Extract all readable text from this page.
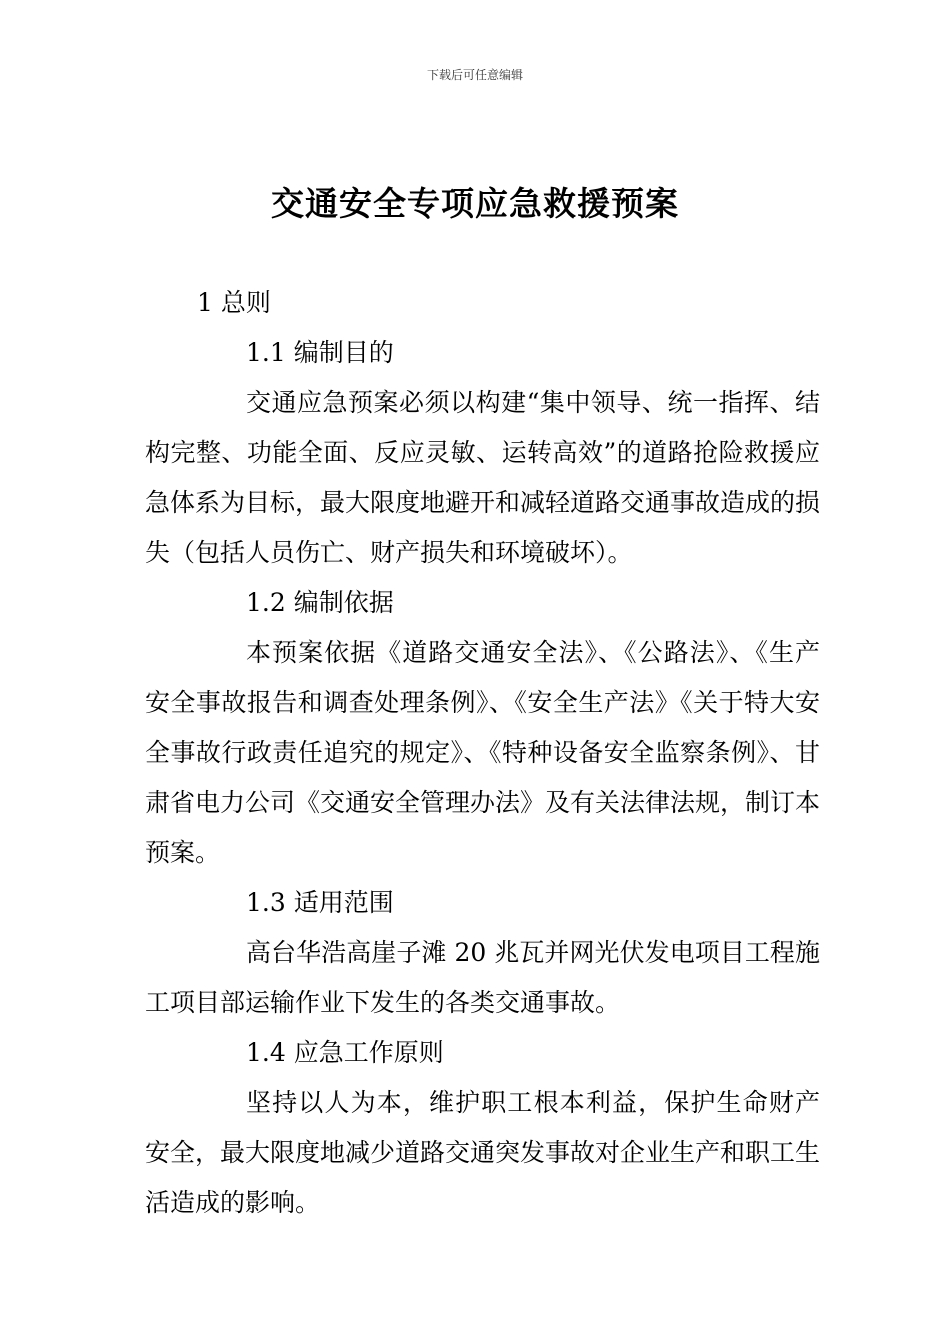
下载后可任意编辑
交通安全专项应急救援预案
1 总则
1.1 编制目的
交通应急预案必须以构建“集中领导、统一指挥、结构完整、功能全面、反应灵敏、运转高效”的道路抢险救援应急体系为目标，最大限度地避开和减轻道路交通事故造成的损失（包括人员伤亡、财产损失和环境破坏）。
1.2 编制依据
本预案依据《道路交通安全法》、《公路法》、《生产安全事故报告和调查处理条例》、《安全生产法》《关于特大安全事故行政责任追究的规定》、《特种设备安全监察条例》、甘肃省电力公司《交通安全管理办法》及有关法律法规，制订本预案。
1.3 适用范围
高台华浩高崖子滩 20 兆瓦并网光伏发电项目工程施工项目部运输作业下发生的各类交通事故。
1.4 应急工作原则
坚持以人为本，维护职工根本利益，保护生命财产安全，最大限度地减少道路交通突发事故对企业生产和职工生活造成的影响。
